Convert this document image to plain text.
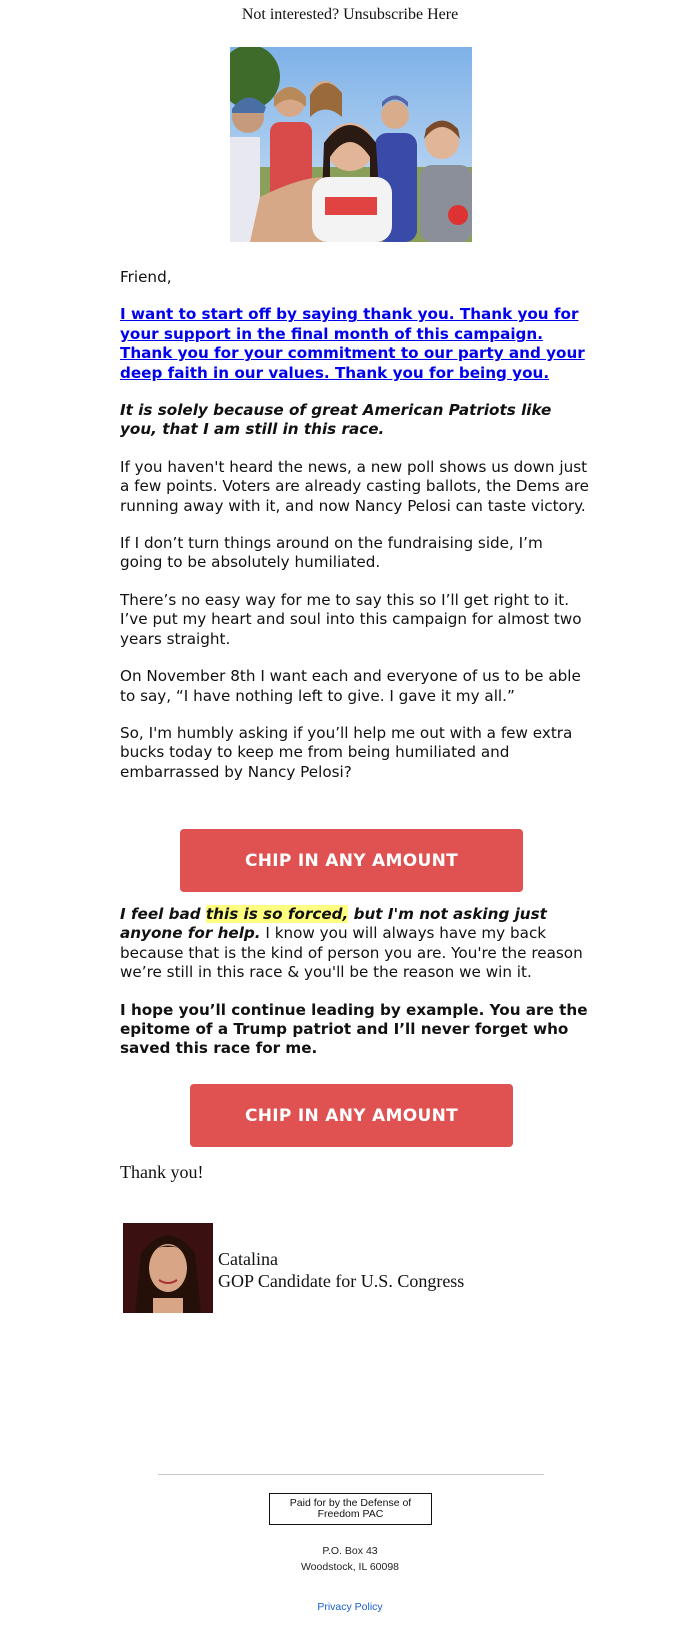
Not interested? Unsubscribe Here

Friend,

I want to start off by saying thank you. Thank you for your support in the final month of this campaign. Thank you for your commitment to our party and your deep faith in our values. Thank you for being you.

It is solely because of great American Patriots like you, that I am still in this race.

If you haven't heard the news, a new poll shows us down just a few points. Voters are already casting ballots, the Dems are running away with it, and now Nancy Pelosi can taste victory.

If I don’t turn things around on the fundraising side, I’m going to be absolutely humiliated.

There’s no easy way for me to say this so I’ll get right to it. I’ve put my heart and soul into this campaign for almost two years straight.

On November 8th I want each and everyone of us to be able to say, “I have nothing left to give. I gave it my all.”

So, I'm humbly asking if you’ll help me out with a few extra bucks today to keep me from being humiliated and embarrassed by Nancy Pelosi?

CHIP IN ANY AMOUNT

I feel bad this is so forced, but I'm not asking just anyone for help. I know you will always have my back because that is the kind of person you are. You're the reason we’re still in this race & you'll be the reason we win it.

I hope you’ll continue leading by example. You are the epitome of a Trump patriot and I’ll never forget who saved this race for me.

CHIP IN ANY AMOUNT
Thank you!
Catalina
GOP Candidate for U.S. Congress
Paid for by the Defense of Freedom PAC
P.O. Box 43
Woodstock, IL 60098
Privacy Policy
